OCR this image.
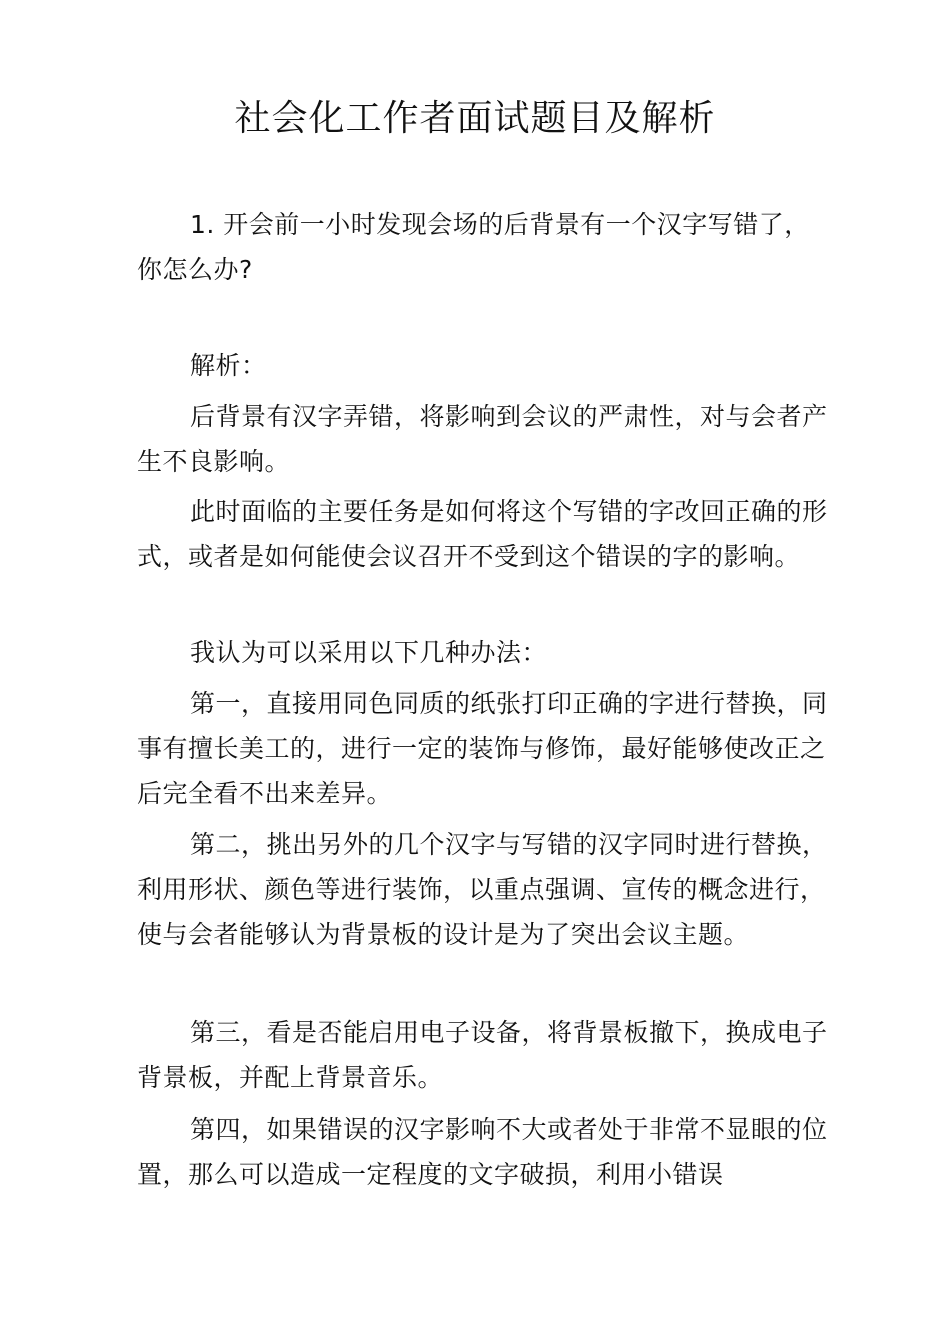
社会化工作者面试题目及解析

1. 开会前一小时发现会场的后背景有一个汉字写错了，你怎么办?

解析：

后背景有汉字弄错，将影响到会议的严肃性，对与会者产生不良影响。

此时面临的主要任务是如何将这个写错的字改回正确的形式，或者是如何能使会议召开不受到这个错误的字的影响。

我认为可以采用以下几种办法：

第一，直接用同色同质的纸张打印正确的字进行替换，同事有擅长美工的，进行一定的装饰与修饰，最好能够使改正之后完全看不出来差异。

第二，挑出另外的几个汉字与写错的汉字同时进行替换，利用形状、颜色等进行装饰，以重点强调、宣传的概念进行，使与会者能够认为背景板的设计是为了突出会议主题。

第三，看是否能启用电子设备，将背景板撤下，换成电子背景板，并配上背景音乐。

第四，如果错误的汉字影响不大或者处于非常不显眼的位置，那么可以造成一定程度的文字破损，利用小错误
